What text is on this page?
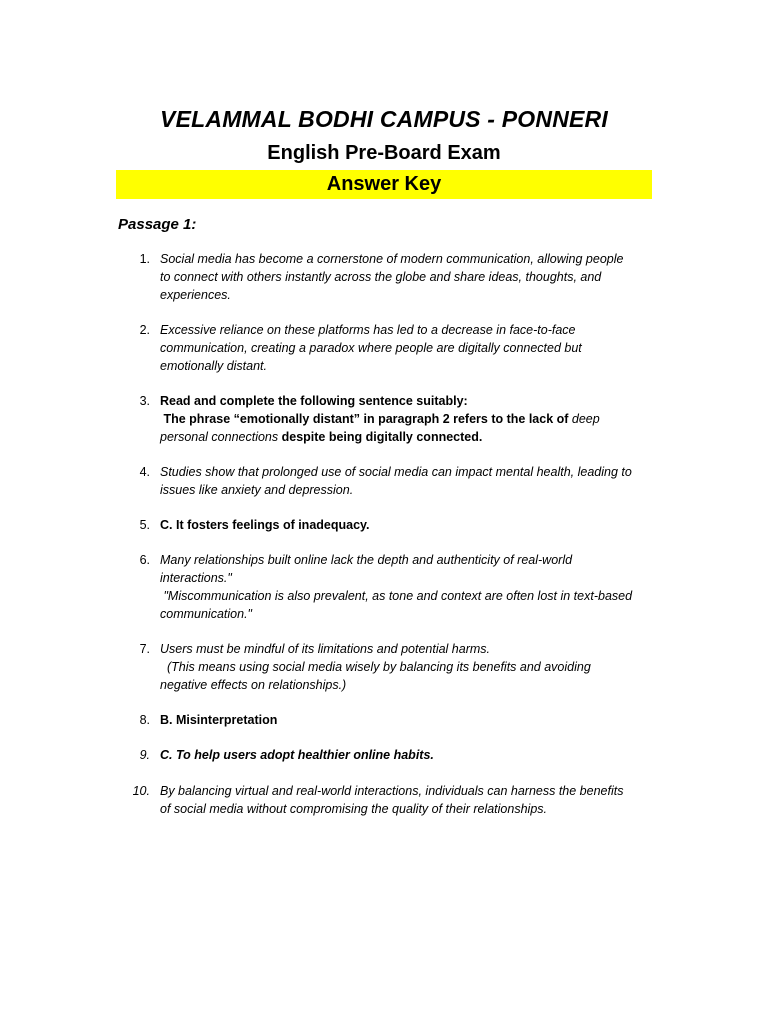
VELAMMAL BODHI CAMPUS - PONNERI
English Pre-Board Exam
Answer Key
Passage 1:
1. Social media has become a cornerstone of modern communication, allowing people
to connect with others instantly across the globe and share ideas, thoughts, and
experiences.
2. Excessive reliance on these platforms has led to a decrease in face-to-face
communication, creating a paradox where people are digitally connected but
emotionally distant.
3. Read and complete the following sentence suitably:
The phrase “emotionally distant” in paragraph 2 refers to the lack of deep
personal connections despite being digitally connected.
4. Studies show that prolonged use of social media can impact mental health, leading to
issues like anxiety and depression.
5. C. It fosters feelings of inadequacy.
6. Many relationships built online lack the depth and authenticity of real-world
interactions."
"Miscommunication is also prevalent, as tone and context are often lost in text-based
communication."
7. Users must be mindful of its limitations and potential harms.
(This means using social media wisely by balancing its benefits and avoiding
negative effects on relationships.)
8. B. Misinterpretation
9. C. To help users adopt healthier online habits.
10. By balancing virtual and real-world interactions, individuals can harness the benefits
of social media without compromising the quality of their relationships.
